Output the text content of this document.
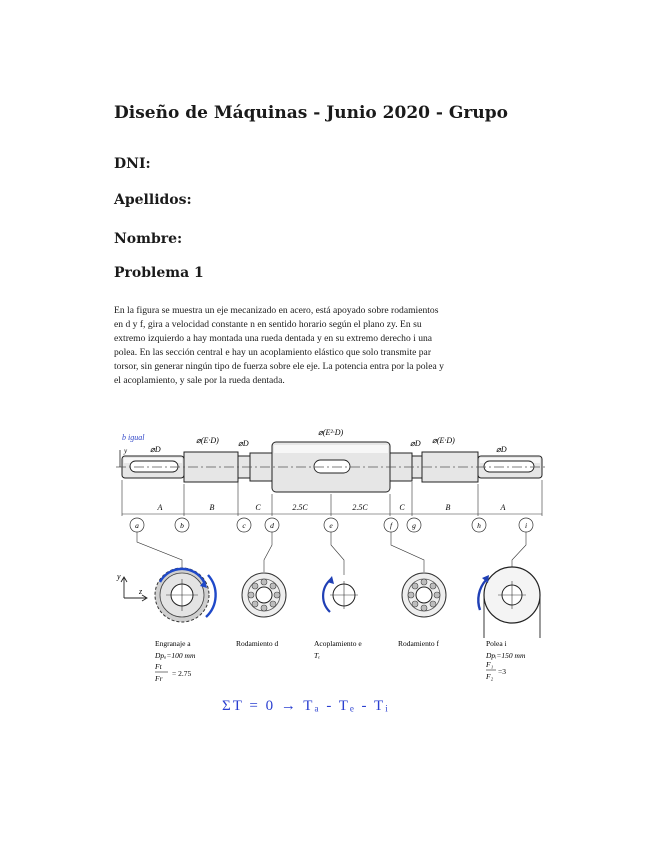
Diseño de Máquinas - Junio 2020 - Grupo
DNI:
Apellidos:
Nombre:
Problema 1
En la figura se muestra un eje mecanizado en acero, está apoyado sobre rodamientos
en d y f, gira a velocidad constante n en sentido horario según el plano zy. En su
extremo izquierdo a hay montada una rueda dentada y en su extremo derecho i una
polea. En las sección central e hay un acoplamiento elástico que solo transmite par
torsor, sin generar ningún tipo de fuerza sobre ele eje. La potencia entra por la polea y
el acoplamiento, y sale por la rueda dentada.
b igual
⌀D
⌀(E·D) ⌀D
⌀(E²·D)
⌀D ⌀(E·D)
⌀D
y
A	B	C	2.5C	2.5C	C	B	A
a	b	c	d	e	f	g	h	i
y
z
Engranaje a
Dpₐ=100 mm
Ft
Fr
= 2.75
Rodamiento d	Acoplamiento e
Tₑ
Rodamiento f	Polea i
Dpᵢ=150 mm
F₁
F₂
=3
ΣT = 0 → Tₐ - Tₑ - Tᵢ
